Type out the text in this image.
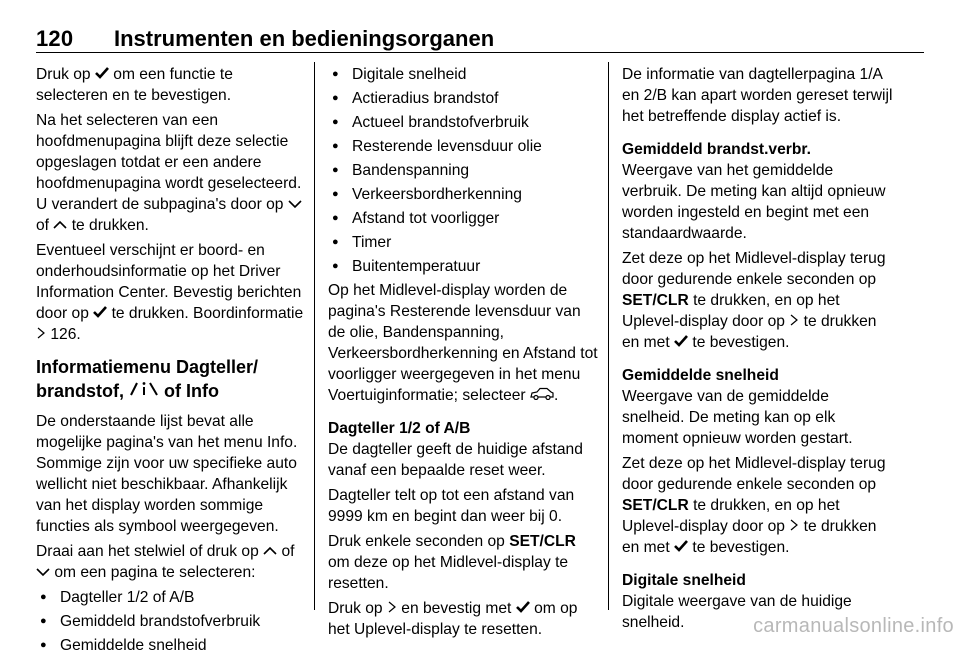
120 Instrumenten en bedieningsorganen

Druk op om een functie te selecteren en te bevestigen.

Na het selecteren van een hoofdmenupagina blijft deze selectie opgeslagen totdat er een andere hoofdmenupagina wordt geselecteerd. U verandert de subpagina's door op  of te drukken.

Eventueel verschijnt er boord- en onderhoudsinformatie op het Driver Information Center. Bevestig berichten door op te drukken. Boordinformatie  126.

Informatiemenu Dagteller/ brandstof, of Info

De onderstaande lijst bevat alle mogelijke pagina's van het menu Info. Sommige zijn voor uw specifieke auto wellicht niet beschikbaar. Afhankelijk van het display worden sommige functies als symbool weergegeven.

Draai aan het stelwiel of druk op of  om een pagina te selecteren:

● Dagteller 1/2 of A/B
● Gemiddeld brandstofverbruik
● Gemiddelde snelheid
● Digitale snelheid
● Actieradius brandstof
● Actueel brandstofverbruik
● Resterende levensduur olie
● Bandenspanning
● Verkeersbordherkenning
● Afstand tot voorligger
● Timer
● Buitentemperatuur

Op het Midlevel-display worden de pagina's Resterende levensduur van de olie, Bandenspanning, Verkeersbordherkenning en Afstand tot voorligger weergegeven in het menu Voertuiginformatie; selecteer .

Dagteller 1/2 of A/B

De dagteller geeft de huidige afstand vanaf een bepaalde reset weer.

Dagteller telt op tot een afstand van 9999 km en begint dan weer bij 0.

Druk enkele seconden op SET/CLR om deze op het Midlevel-display te resetten.

Druk op en bevestig met om op het Uplevel-display te resetten.

De informatie van dagtellerpagina 1/A en 2/B kan apart worden gereset terwijl het betreffende display actief is.

Gemiddeld brandst.verbr.

Weergave van het gemiddelde verbruik. De meting kan altijd opnieuw worden ingesteld en begint met een standaardwaarde.

Zet deze op het Midlevel-display terug door gedurende enkele seconden op SET/CLR te drukken, en op het Uplevel-display door op te drukken en met te bevestigen.

Gemiddelde snelheid

Weergave van de gemiddelde snelheid. De meting kan op elk moment opnieuw worden gestart.

Zet deze op het Midlevel-display terug door gedurende enkele seconden op SET/CLR te drukken, en op het Uplevel-display door op te drukken en met te bevestigen.

Digitale snelheid

Digitale weergave van de huidige snelheid.	carmanualsonline.info
